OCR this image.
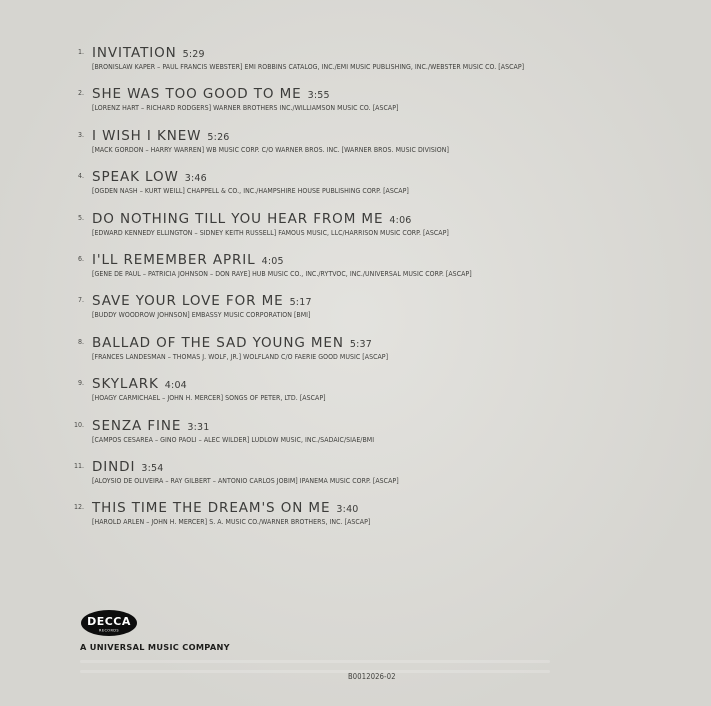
1. INVITATION 5:29
[BRONISLAW KAPER – PAUL FRANCIS WEBSTER] EMI ROBBINS CATALOG, INC./EMI MUSIC PUBLISHING, INC./WEBSTER MUSIC CO. [ASCAP]
2. SHE WAS TOO GOOD TO ME 3:55
[LORENZ HART – RICHARD RODGERS] WARNER BROTHERS INC./WILLIAMSON MUSIC CO. [ASCAP]
3. I WISH I KNEW 5:26
[MACK GORDON – HARRY WARREN] WB MUSIC CORP. C/O WARNER BROS. INC. [WARNER BROS. MUSIC DIVISION]
4. SPEAK LOW 3:46
[OGDEN NASH – KURT WEILL] CHAPPELL & CO., INC./HAMPSHIRE HOUSE PUBLISHING CORP. [ASCAP]
5. DO NOTHING TILL YOU HEAR FROM ME 4:06
[EDWARD KENNEDY ELLINGTON – SIDNEY KEITH RUSSELL] FAMOUS MUSIC, LLC/HARRISON MUSIC CORP. [ASCAP]
6. I'LL REMEMBER APRIL 4:05
[GENE DE PAUL – PATRICIA JOHNSON – DON RAYE] HUB MUSIC CO., INC./RYTVOC, INC./UNIVERSAL MUSIC CORP. [ASCAP]
7. SAVE YOUR LOVE FOR ME 5:17
[BUDDY WOODROW JOHNSON] EMBASSY MUSIC CORPORATION [BMI]
8. BALLAD OF THE SAD YOUNG MEN 5:37
[FRANCES LANDESMAN – THOMAS J. WOLF, JR.] WOLFLAND C/O FAERIE GOOD MUSIC [ASCAP]
9. SKYLARK 4:04
[HOAGY CARMICHAEL – JOHN H. MERCER] SONGS OF PETER, LTD. [ASCAP]
10. SENZA FINE 3:31
[CAMPOS CESAREA – GINO PAOLI – ALEC WILDER] LUDLOW MUSIC, INC./SADAIC/SIAE/BMI
11. DINDI 3:54
[ALOYSIO DE OLIVEIRA – RAY GILBERT – ANTONIO CARLOS JOBIM] IPANEMA MUSIC CORP. [ASCAP]
12. THIS TIME THE DREAM'S ON ME 3:40
[HAROLD ARLEN – JOHN H. MERCER] S. A. MUSIC CO./WARNER BROTHERS, INC. [ASCAP]
DECCA
RECORDS
A UNIVERSAL MUSIC COMPANY
B0012026-02
